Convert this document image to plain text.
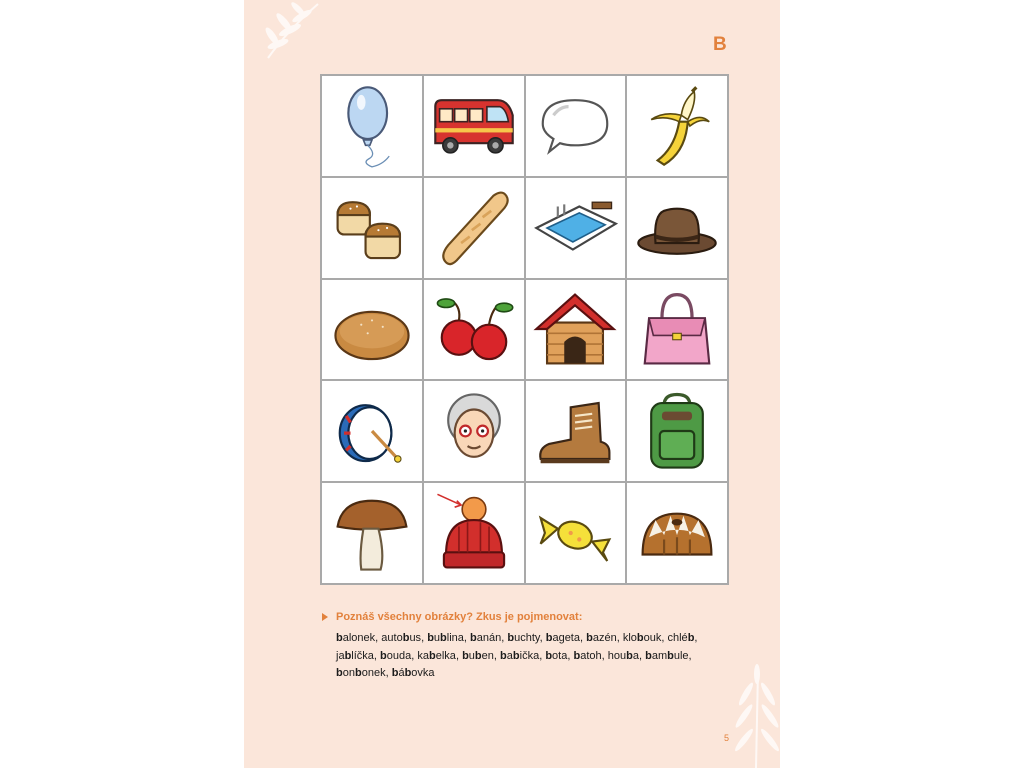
B
Poznáš všechny obrázky? Zkus je pojmenovat:
balonek, autobus, bublina, banán, buchty, bageta, bazén, klobouk, chléb, jablíčka, bouda, kabelka, buben, babička, bota, batoh, houba, bambule, bonbonek, bábovka
5
